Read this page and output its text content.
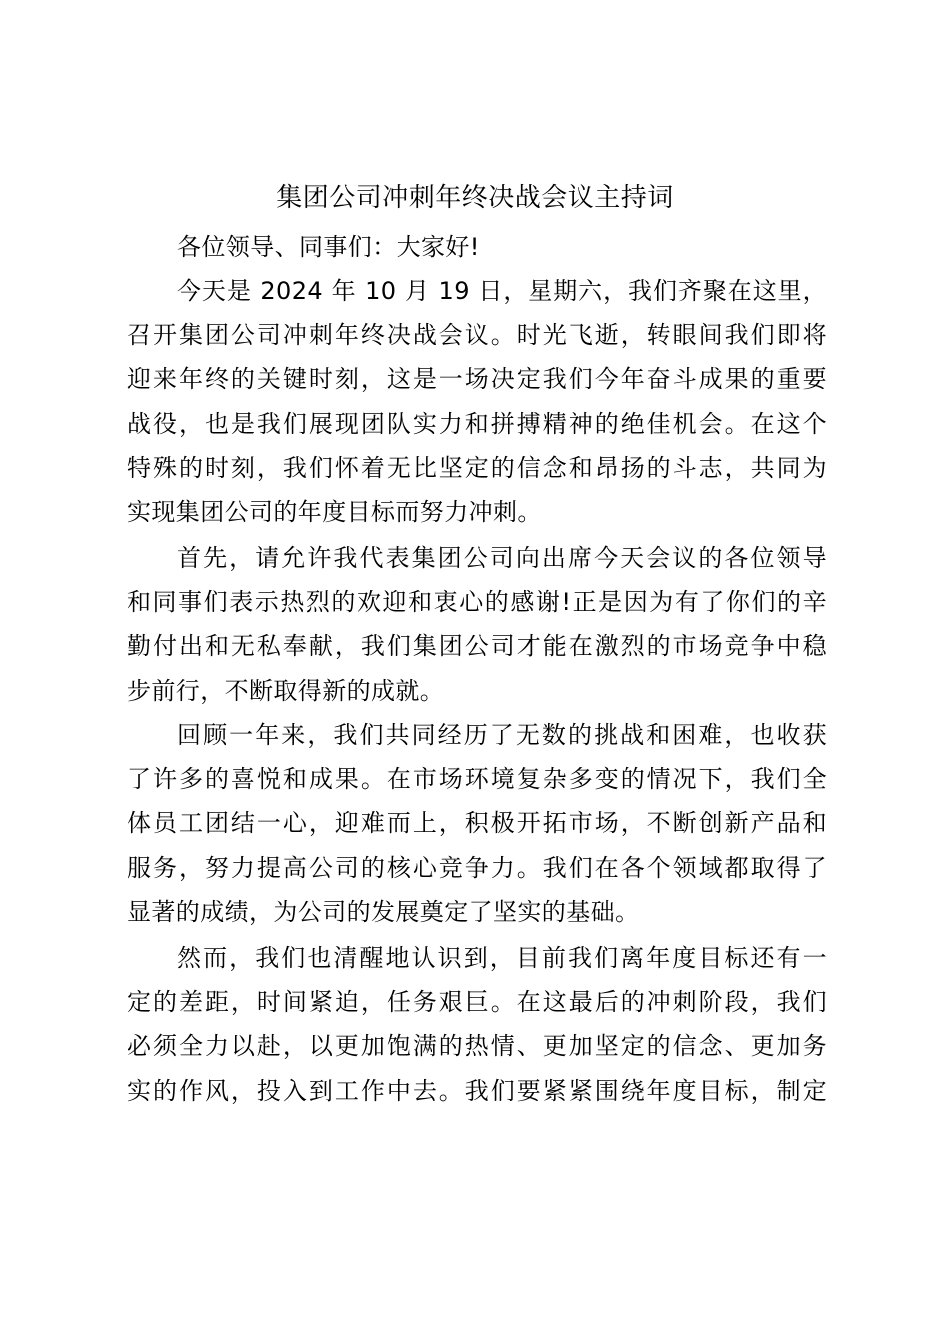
集团公司冲刺年终决战会议主持词

各位领导、同事们：大家好!

今天是 2024 年 10 月 19 日，星期六，我们齐聚在这里，
召开集团公司冲刺年终决战会议。时光飞逝，转眼间我们即将
迎来年终的关键时刻，这是一场决定我们今年奋斗成果的重要
战役，也是我们展现团队实力和拼搏精神的绝佳机会。在这个
特殊的时刻，我们怀着无比坚定的信念和昂扬的斗志，共同为
实现集团公司的年度目标而努力冲刺。

首先，请允许我代表集团公司向出席今天会议的各位领导
和同事们表示热烈的欢迎和衷心的感谢!正是因为有了你们的辛
勤付出和无私奉献，我们集团公司才能在激烈的市场竞争中稳
步前行，不断取得新的成就。

回顾一年来，我们共同经历了无数的挑战和困难，也收获
了许多的喜悦和成果。在市场环境复杂多变的情况下，我们全
体员工团结一心，迎难而上，积极开拓市场，不断创新产品和
服务，努力提高公司的核心竞争力。我们在各个领域都取得了
显著的成绩，为公司的发展奠定了坚实的基础。

然而，我们也清醒地认识到，目前我们离年度目标还有一
定的差距，时间紧迫，任务艰巨。在这最后的冲刺阶段，我们
必须全力以赴，以更加饱满的热情、更加坚定的信念、更加务
实的作风，投入到工作中去。我们要紧紧围绕年度目标，制定
